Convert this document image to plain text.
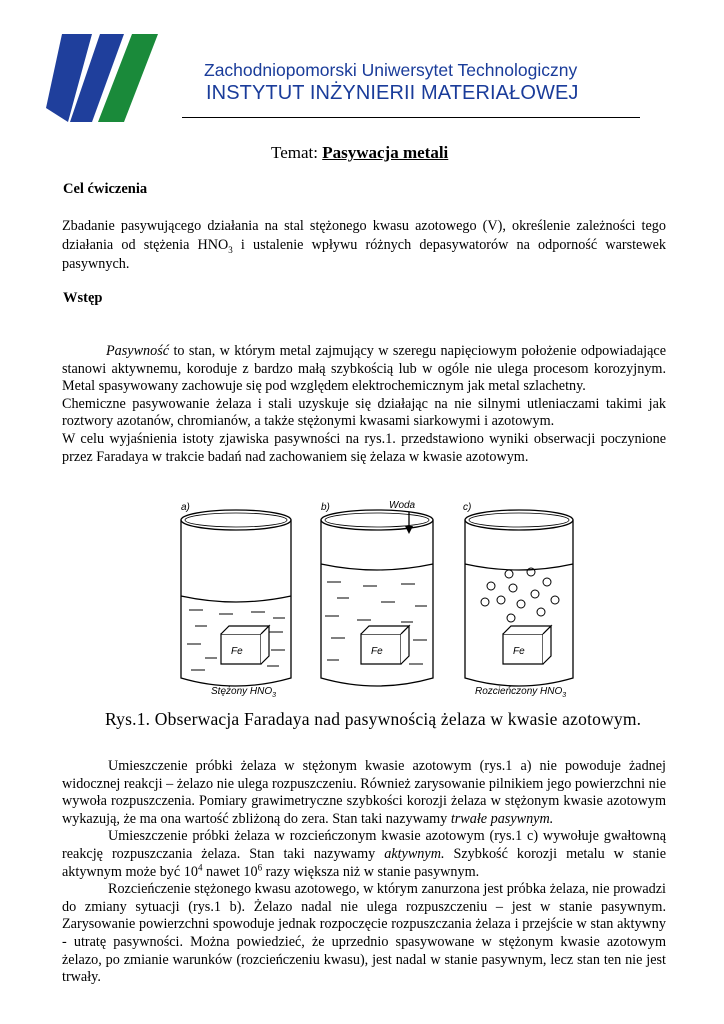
Zachodniopomorski Uniwersytet Technologiczny
INSTYTUT INŻYNIERII MATERIAŁOWEJ
Temat: Pasywacja metali
Cel ćwiczenia

Zbadanie pasywującego działania na stal stężonego kwasu azotowego (V), określenie zależności tego działania od stężenia $HNO_3$ i ustalenie wpływu różnych depasywatorów na odporność warstewek pasywnych.

Wstęp

Pasywność to stan, w którym metal zajmujący w szeregu napięciowym położenie odpowiadające stanowi aktywnemu, koroduje z bardzo małą szybkością lub w ogóle nie ulega procesom korozyjnym. Metal spasywowany zachowuje się pod względem elektrochemicznym jak metal szlachetny.

Chemiczne pasywowanie żelaza i stali uzyskuje się działając na nie silnymi utleniaczami takimi jak roztwory azotanów, chromianów, a także stężonymi kwasami siarkowymi i azotowym.

W celu wyjaśnienia istoty zjawiska pasywności na rys.1. przedstawiono wyniki obserwacji poczynione przez Faradaya w trakcie badań nad zachowaniem się żelaza w kwasie azotowym.

Fe
a)
Fe
Woda
b)
Fe
c)
Stężony $HNO_3$	Rozcieńczony $HNO_3$
Rys.1. Obserwacja Faradaya nad pasywnością żelaza w kwasie azotowym.

Umieszczenie próbki żelaza w stężonym kwasie azotowym (rys.1 a) nie powoduje żadnej widocznej reakcji – żelazo nie ulega rozpuszczeniu. Również zarysowanie pilnikiem jego powierzchni nie wywoła rozpuszczenia. Pomiary grawimetryczne szybkości korozji żelaza w stężonym kwasie azotowym wykazują, że ma ona wartość zbliżoną do zera. Stan taki nazywamy trwałe pasywnym.

Umieszczenie próbki żelaza w rozcieńczonym kwasie azotowym (rys.1 c) wywołuje gwałtowną reakcję rozpuszczania żelaza. Stan taki nazywamy aktywnym. Szybkość korozji metalu w stanie aktywnym może być $10^4$ nawet $10^6$ razy większa niż w stanie pasywnym.

Rozcieńczenie stężonego kwasu azotowego, w którym zanurzona jest próbka żelaza, nie prowadzi do zmiany sytuacji (rys.1 b). Żelazo nadal nie ulega rozpuszczeniu – jest w stanie pasywnym. Zarysowanie powierzchni spowoduje jednak rozpoczęcie rozpuszczania żelaza i przejście w stan aktywny - utratę pasywności. Można powiedzieć, że uprzednio spasywowane w stężonym kwasie azotowym żelazo, po zmianie warunków (rozcieńczeniu kwasu), jest nadal w stanie pasywnym, lecz stan ten nie jest trwały.
